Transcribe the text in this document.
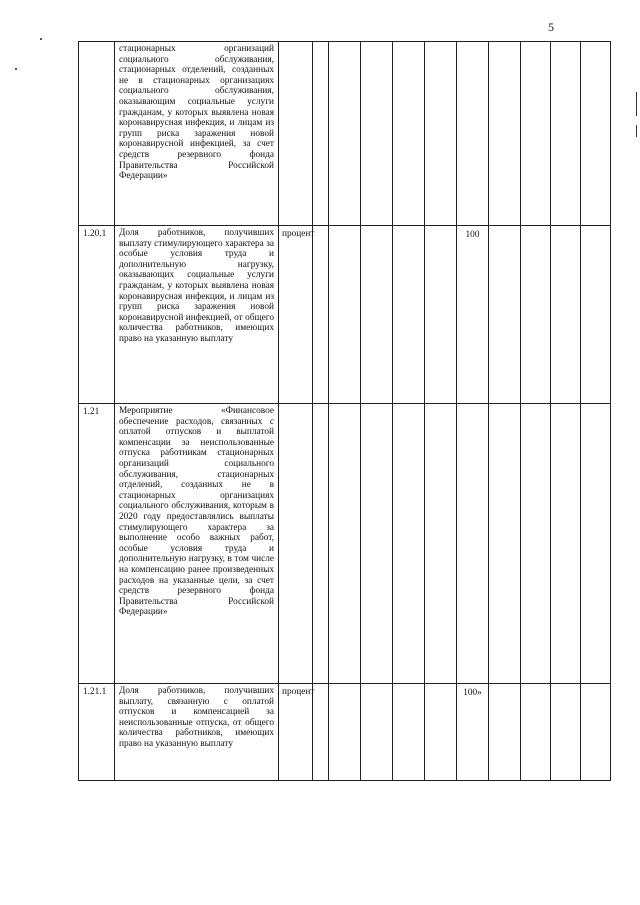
5
	стационарных организаций социального обслуживания, стационарных отделений, созданных не в стационарных организациях социального обслуживания, оказывающим социальные услуги гражданам, у которых выявлена новая коронавирусная инфекция, и лицам из групп риска заражения новой коронавирусной инфекцией, за счет средств резервного фонда Правительства Российской Федерации»											
1.20.1	Доля работников, получивших выплату стимулирующего характера за особые условия труда и дополнительную нагрузку, оказывающих социальные услуги гражданам, у которых выявлена новая коронавирусная инфекция, и лицам из групп риска заражения новой коронавирусной инфекцией, от общего количества работников, имеющих право на указанную выплату	процент						100				
1.21	Мероприятие «Финансовое обеспечение расходов, связанных с оплатой отпусков и выплатой компенсации за неиспользованные отпуска работникам стационарных организаций социального обслуживания, стационарных отделений, созданных не в стационарных организациях социального обслуживания, которым в 2020 году предоставлялись выплаты стимулирующего характера за выполнение особо важных работ, особые условия труда и дополнительную нагрузку, в том числе на компенсацию ранее произведенных расходов на указанные цели, за счет средств резервного фонда Правительства Российской Федерации»											
1.21.1	Доля работников, получивших выплату, связанную с оплатой отпусков и компенсацией за неиспользованные отпуска, от общего количества работников, имеющих право на указанную выплату	процент						100»				
